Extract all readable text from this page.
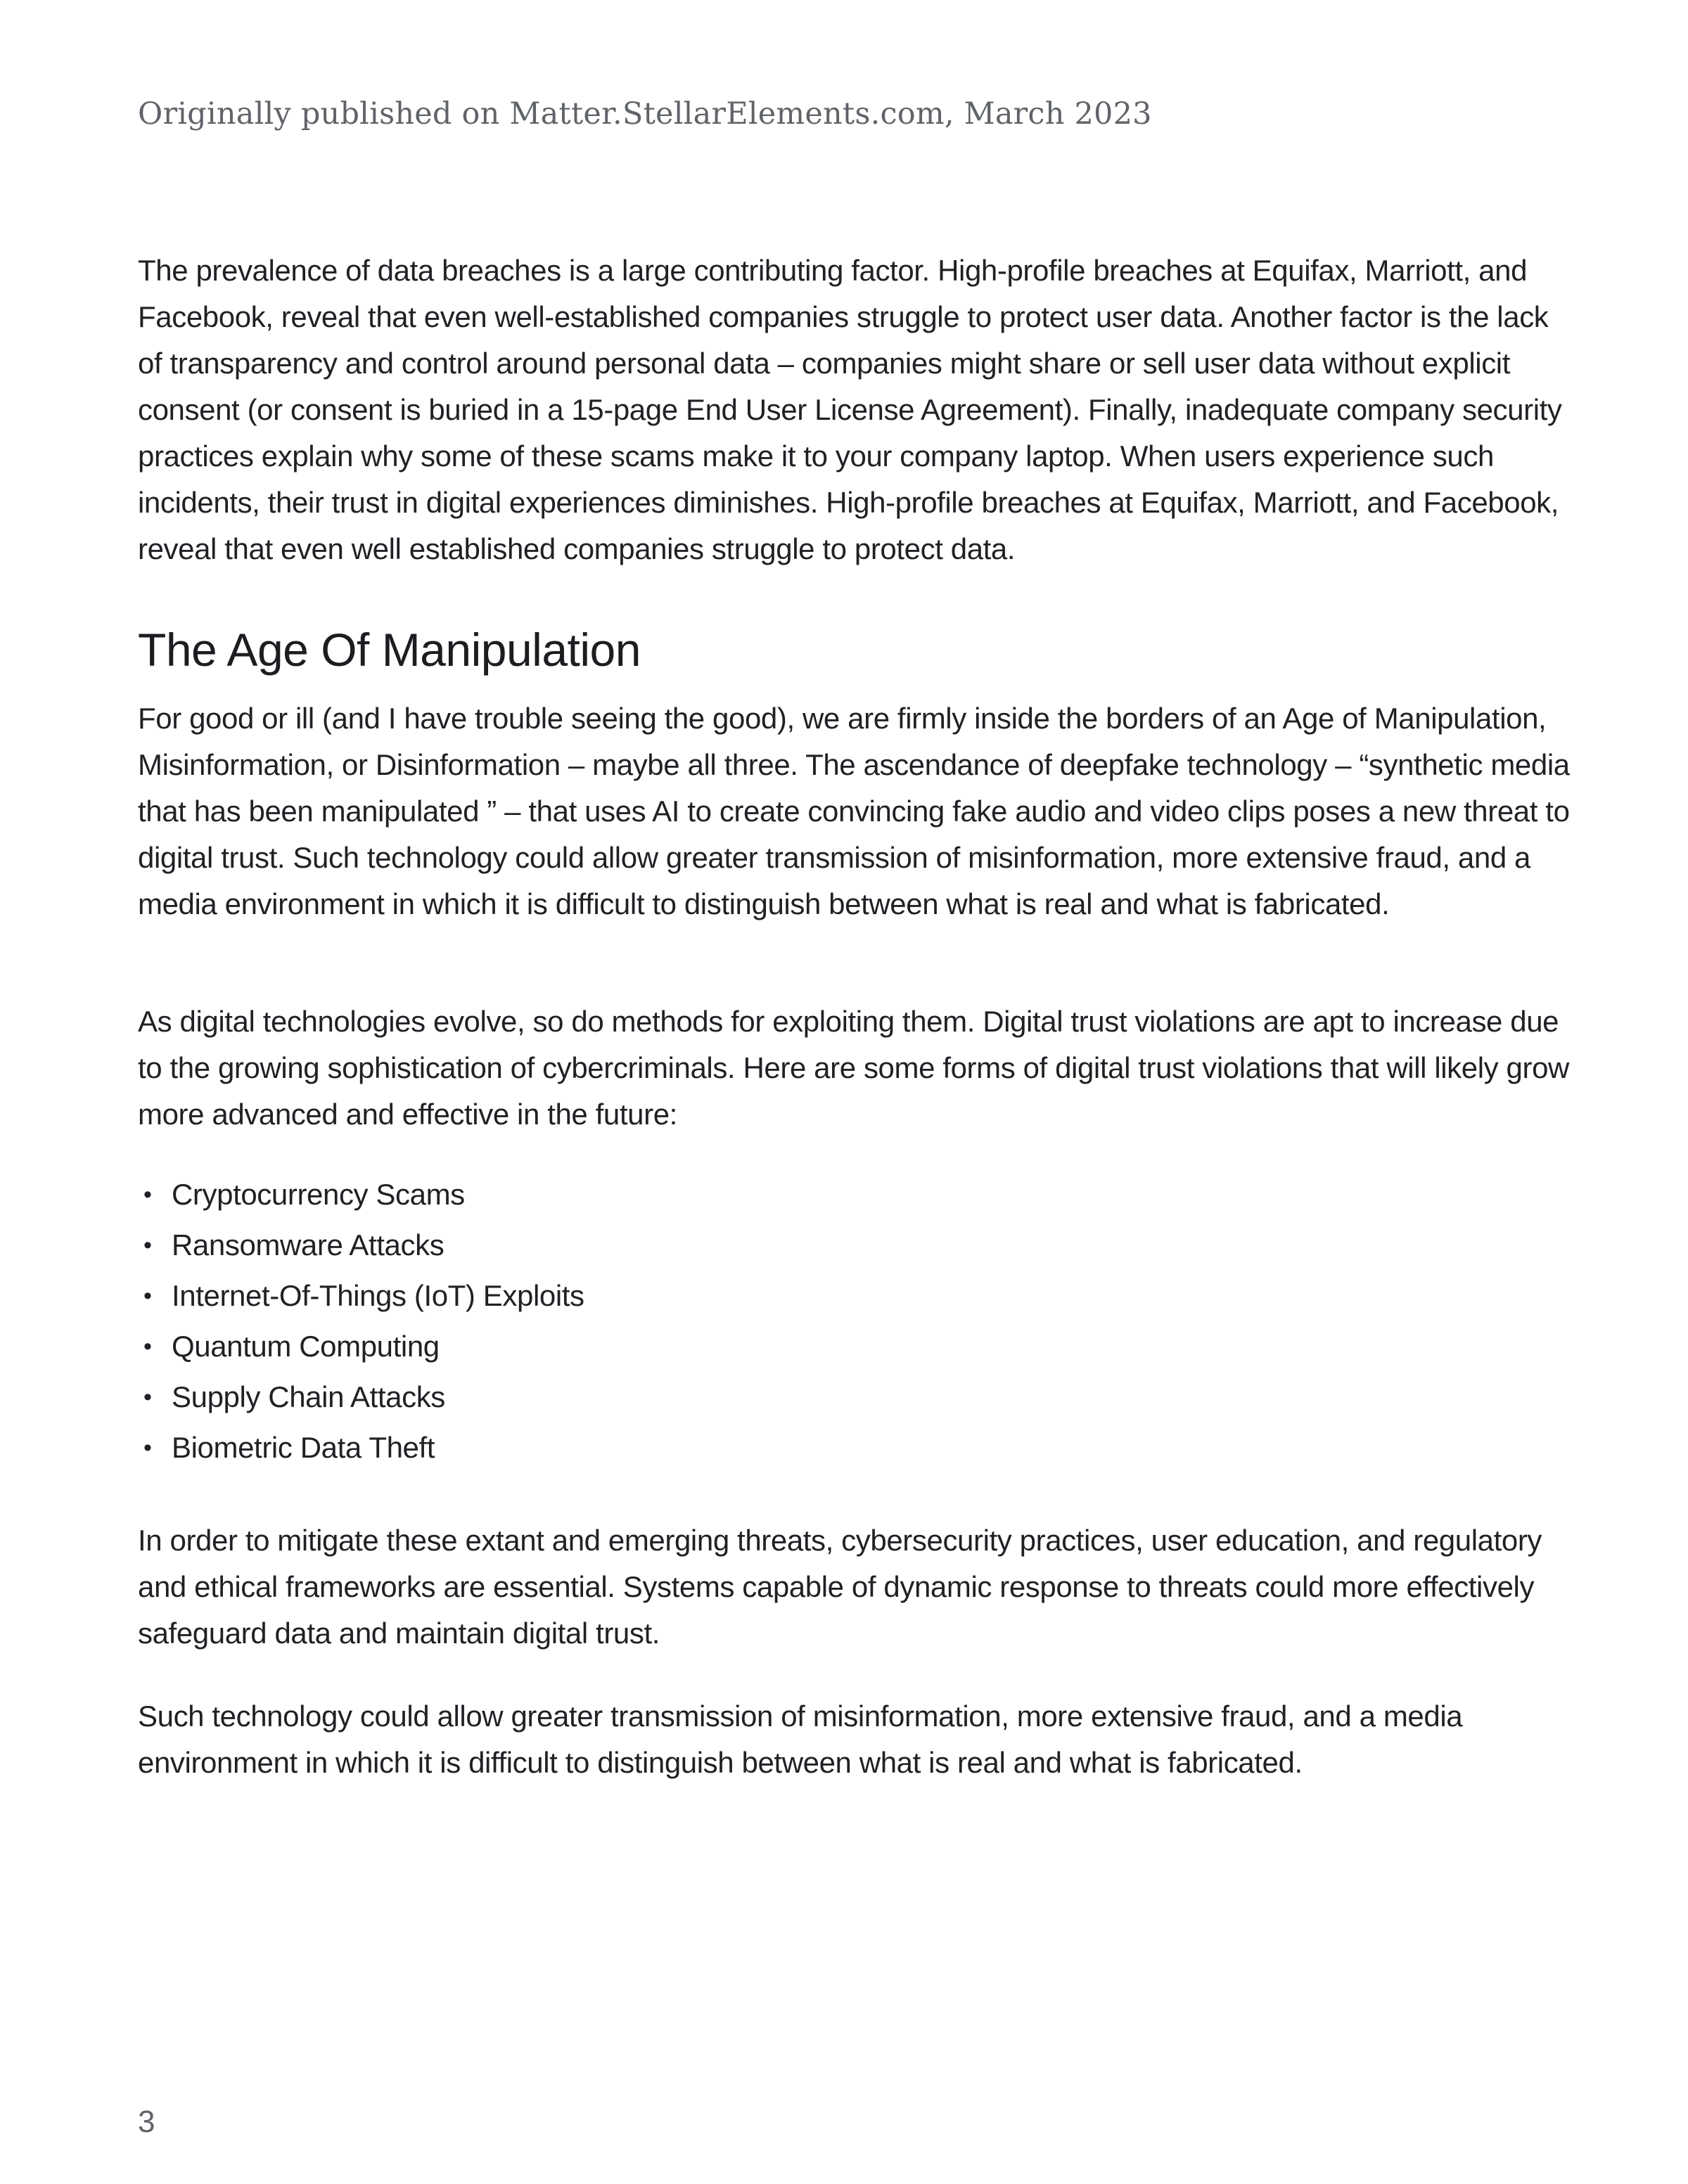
Originally published on Matter.StellarElements.com, March 2023

The prevalence of data breaches is a large contributing factor. High-profile breaches at Equifax, Marriott, and Facebook, reveal that even well-established companies struggle to protect user data. Another factor is the lack of transparency and control around personal data – companies might share or sell user data without explicit consent (or consent is buried in a 15-page End User License Agreement). Finally, inadequate company security practices explain why some of these scams make it to your company laptop. When users experience such incidents, their trust in digital experiences diminishes. High-profile breaches at Equifax, Marriott, and Facebook, reveal that even well established companies struggle to protect data.

The Age Of Manipulation

For good or ill (and I have trouble seeing the good), we are firmly inside the borders of an Age of Manipulation, Misinformation, or Disinformation – maybe all three. The ascendance of deepfake technology – “synthetic media that has been manipulated ” – that uses AI to create convincing fake audio and video clips poses a new threat to digital trust. Such technology could allow greater transmission of misinformation, more extensive fraud, and a media environment in which it is difficult to distinguish between what is real and what is fabricated.

As digital technologies evolve, so do methods for exploiting them. Digital trust violations are apt to increase due to the growing sophistication of cybercriminals. Here are some forms of digital trust violations that will likely grow more advanced and effective in the future:

• Cryptocurrency Scams
• Ransomware Attacks
• Internet-Of-Things (IoT) Exploits
• Quantum Computing
• Supply Chain Attacks
• Biometric Data Theft

In order to mitigate these extant and emerging threats, cybersecurity practices, user education, and regulatory and ethical frameworks are essential. Systems capable of dynamic response to threats could more effectively safeguard data and maintain digital trust.

Such technology could allow greater transmission of misinformation, more extensive fraud, and a media environment in which it is difficult to distinguish between what is real and what is fabricated.

3
